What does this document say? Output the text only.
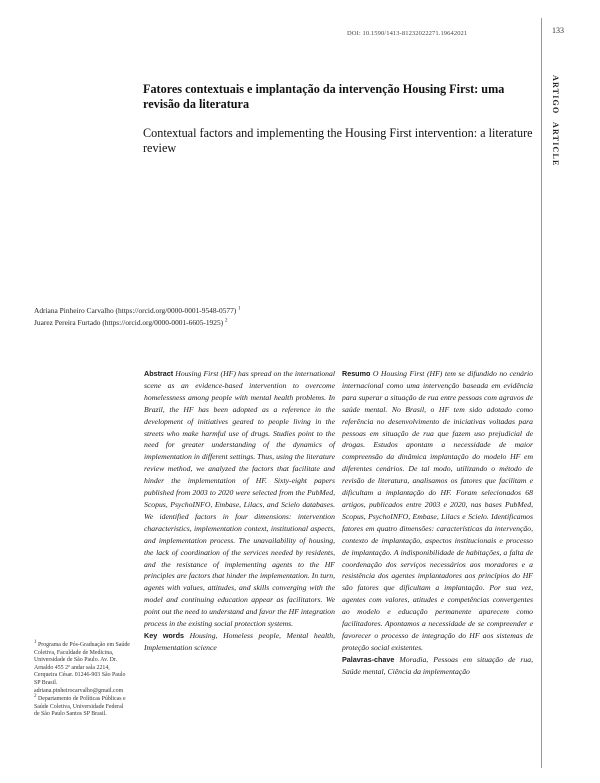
DOI: 10.1590/1413-81232022271.19642021	133
ARTIGOARTICLE
Fatores contextuais e implantação da intervenção Housing First: uma revisão da literatura
Contextual factors and implementing the Housing First intervention: a literature review
Adriana Pinheiro Carvalho (https://orcid.org/0000-0001-9548-0577) $^1$
Juarez Pereira Furtado (https://orcid.org/0000-0001-6605-1925) $^2$

$^1$ Programa de Pós-Graduação em Saúde Coletiva, Faculdade de Medicina, Universidade de São Paulo. Av. Dr. Arnaldo 455 2º andar sala 2214, Cerqueira César. 01246-903 São Paulo SP Brasil. adriana.pinheirocarvalho@gmail.com

$^2$ Departamento de Políticas Públicas e Saúde Coletiva, Universidade Federal de São Paulo Santos SP Brasil.

Abstract Housing First (HF) has spread on the international scene as an evidence-based intervention to overcome homelessness among people with mental health problems. In Brazil, the HF has been adopted as a reference in the development of initiatives geared to people living in the streets who make harmful use of drugs. Studies point to the need for greater understanding of the dynamics of implementation in different settings. Thus, using the literature review method, we analyzed the factors that facilitate and hinder the implementation of HF. Sixty-eight papers published from 2003 to 2020 were selected from the PubMed, Scopus, PsychoINFO, Embase, Lilacs, and Scielo databases. We identified factors in four dimensions: intervention characteristics, implementation context, institutional aspects, and implementation process. The unavailability of housing, the lack of coordination of the services needed by residents, and the resistance of implementing agents to the HF principles are factors that hinder the implementation. In turn, agents with values, attitudes, and skills converging with the model and continuing education appear as facilitators. We point out the need to understand and favor the HF integration process in the existing social protection systems.

Key words Housing, Homeless people, Mental health, Implementation science

Resumo O Housing First (HF) tem se difundido no cenário internacional como uma intervenção baseada em evidência para superar a situação de rua entre pessoas com agravos de saúde mental. No Brasil, o HF tem sido adotado como referência no desenvolvimento de iniciativas voltadas para pessoas em situação de rua que fazem uso prejudicial de drogas. Estudos apontam a necessidade de maior compreensão da dinâmica implantação do modelo HF em diferentes cenários. De tal modo, utilizando o método de revisão de literatura, analisamos os fatores que facilitam e dificultam a implantação do HF. Foram selecionados 68 artigos, publicados entre 2003 e 2020, nas bases PubMed, Scopus, PsychoINFO, Embase, Lilacs e Scielo. Identificamos fatores em quatro dimensões: características da intervenção, contexto de implantação, aspectos institucionais e processo de implantação. A indisponibilidade de habitações, a falta de coordenação dos serviços necessários aos moradores e a resistência dos agentes implantadores aos princípios do HF são fatores que dificultam a implantação. Por sua vez, agentes com valores, atitudes e competências convergentes ao modelo e educação permanente aparecem como facilitadores. Apontamos a necessidade de se compreender e favorecer o processo de integração do HF aos sistemas de proteção social existentes.

Palavras-chave Moradia, Pessoas em situação de rua, Saúde mental, Ciência da implementação
